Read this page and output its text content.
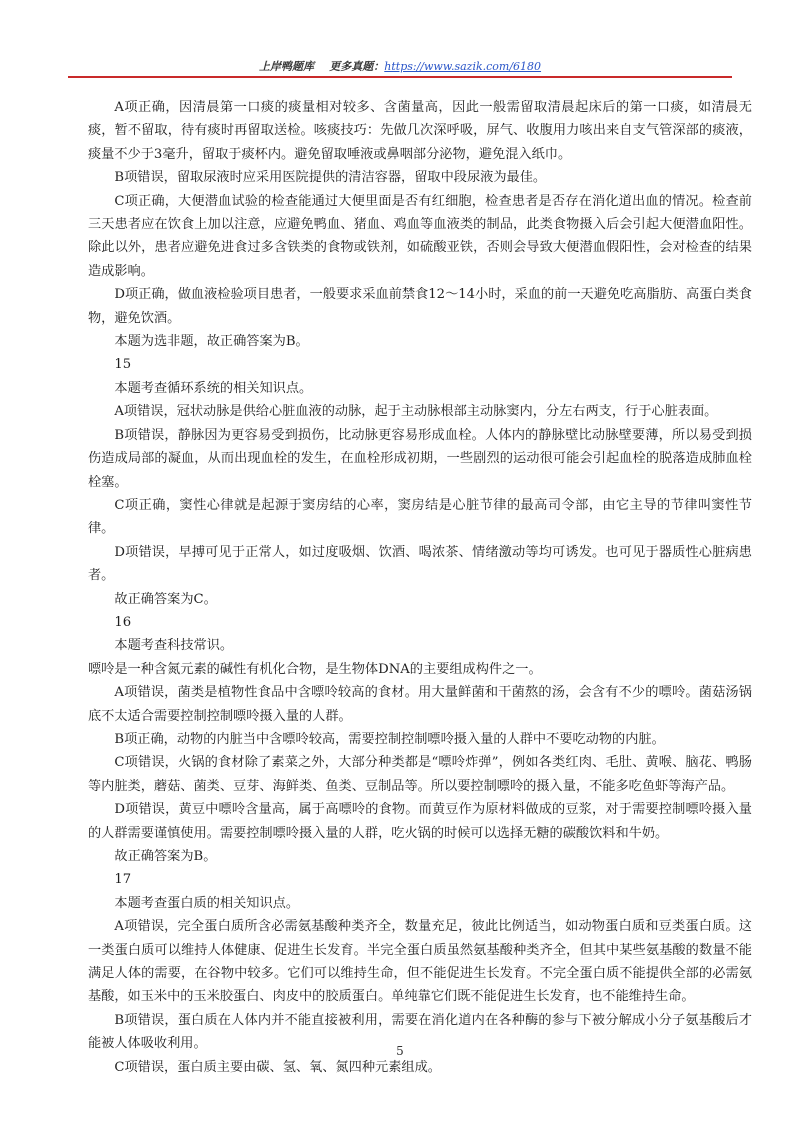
上岸鸭题库 更多真题：https://www.sazik.com/6180

A项正确，因清晨第一口痰的痰量相对较多、含菌量高，因此一般需留取清晨起床后的第一口痰，如清晨无痰，暂不留取，待有痰时再留取送检。咳痰技巧：先做几次深呼吸，屏气、收腹用力咳出来自支气管深部的痰液，痰量不少于3毫升，留取于痰杯内。避免留取唾液或鼻咽部分泌物，避免混入纸巾。

B项错误，留取尿液时应采用医院提供的清洁容器，留取中段尿液为最佳。

C项正确，大便潜血试验的检查能通过大便里面是否有红细胞，检查患者是否存在消化道出血的情况。检查前三天患者应在饮食上加以注意，应避免鸭血、猪血、鸡血等血液类的制品，此类食物摄入后会引起大便潜血阳性。除此以外，患者应避免进食过多含铁类的食物或铁剂，如硫酸亚铁，否则会导致大便潜血假阳性，会对检查的结果造成影响。

D项正确，做血液检验项目患者，一般要求采血前禁食12～14小时，采血的前一天避免吃高脂肪、高蛋白类食物，避免饮酒。

本题为选非题，故正确答案为B。

15

本题考查循环系统的相关知识点。

A项错误，冠状动脉是供给心脏血液的动脉，起于主动脉根部主动脉窦内，分左右两支，行于心脏表面。

B项错误，静脉因为更容易受到损伤，比动脉更容易形成血栓。人体内的静脉壁比动脉壁要薄，所以易受到损伤造成局部的凝血，从而出现血栓的发生，在血栓形成初期，一些剧烈的运动很可能会引起血栓的脱落造成肺血栓栓塞。

C项正确，窦性心律就是起源于窦房结的心率，窦房结是心脏节律的最高司令部，由它主导的节律叫窦性节律。

D项错误，早搏可见于正常人，如过度吸烟、饮酒、喝浓茶、情绪激动等均可诱发。也可见于器质性心脏病患者。

故正确答案为C。

16

本题考查科技常识。

嘌呤是一种含氮元素的碱性有机化合物，是生物体DNA的主要组成构件之一。

A项错误，菌类是植物性食品中含嘌呤较高的食材。用大量鲜菌和干菌熬的汤，会含有不少的嘌呤。菌菇汤锅底不太适合需要控制控制嘌呤摄入量的人群。

B项正确，动物的内脏当中含嘌呤较高，需要控制控制嘌呤摄入量的人群中不要吃动物的内脏。

C项错误，火锅的食材除了素菜之外，大部分种类都是“嘌呤炸弹”，例如各类红肉、毛肚、黄喉、脑花、鸭肠等内脏类，蘑菇、菌类、豆芽、海鲜类、鱼类、豆制品等。所以要控制嘌呤的摄入量，不能多吃鱼虾等海产品。

D项错误，黄豆中嘌呤含量高，属于高嘌呤的食物。而黄豆作为原材料做成的豆浆，对于需要控制嘌呤摄入量的人群需要谨慎使用。需要控制嘌呤摄入量的人群，吃火锅的时候可以选择无糖的碳酸饮料和牛奶。

故正确答案为B。

17

本题考查蛋白质的相关知识点。

A项错误，完全蛋白质所含必需氨基酸种类齐全，数量充足，彼此比例适当，如动物蛋白质和豆类蛋白质。这一类蛋白质可以维持人体健康、促进生长发育。半完全蛋白质虽然氨基酸种类齐全，但其中某些氨基酸的数量不能满足人体的需要，在谷物中较多。它们可以维持生命，但不能促进生长发育。不完全蛋白质不能提供全部的必需氨基酸，如玉米中的玉米胶蛋白、肉皮中的胶质蛋白。单纯靠它们既不能促进生长发育，也不能维持生命。

B项错误，蛋白质在人体内并不能直接被利用，需要在消化道内在各种酶的参与下被分解成小分子氨基酸后才能被人体吸收利用。

C项错误，蛋白质主要由碳、氢、氧、氮四种元素组成。

5
